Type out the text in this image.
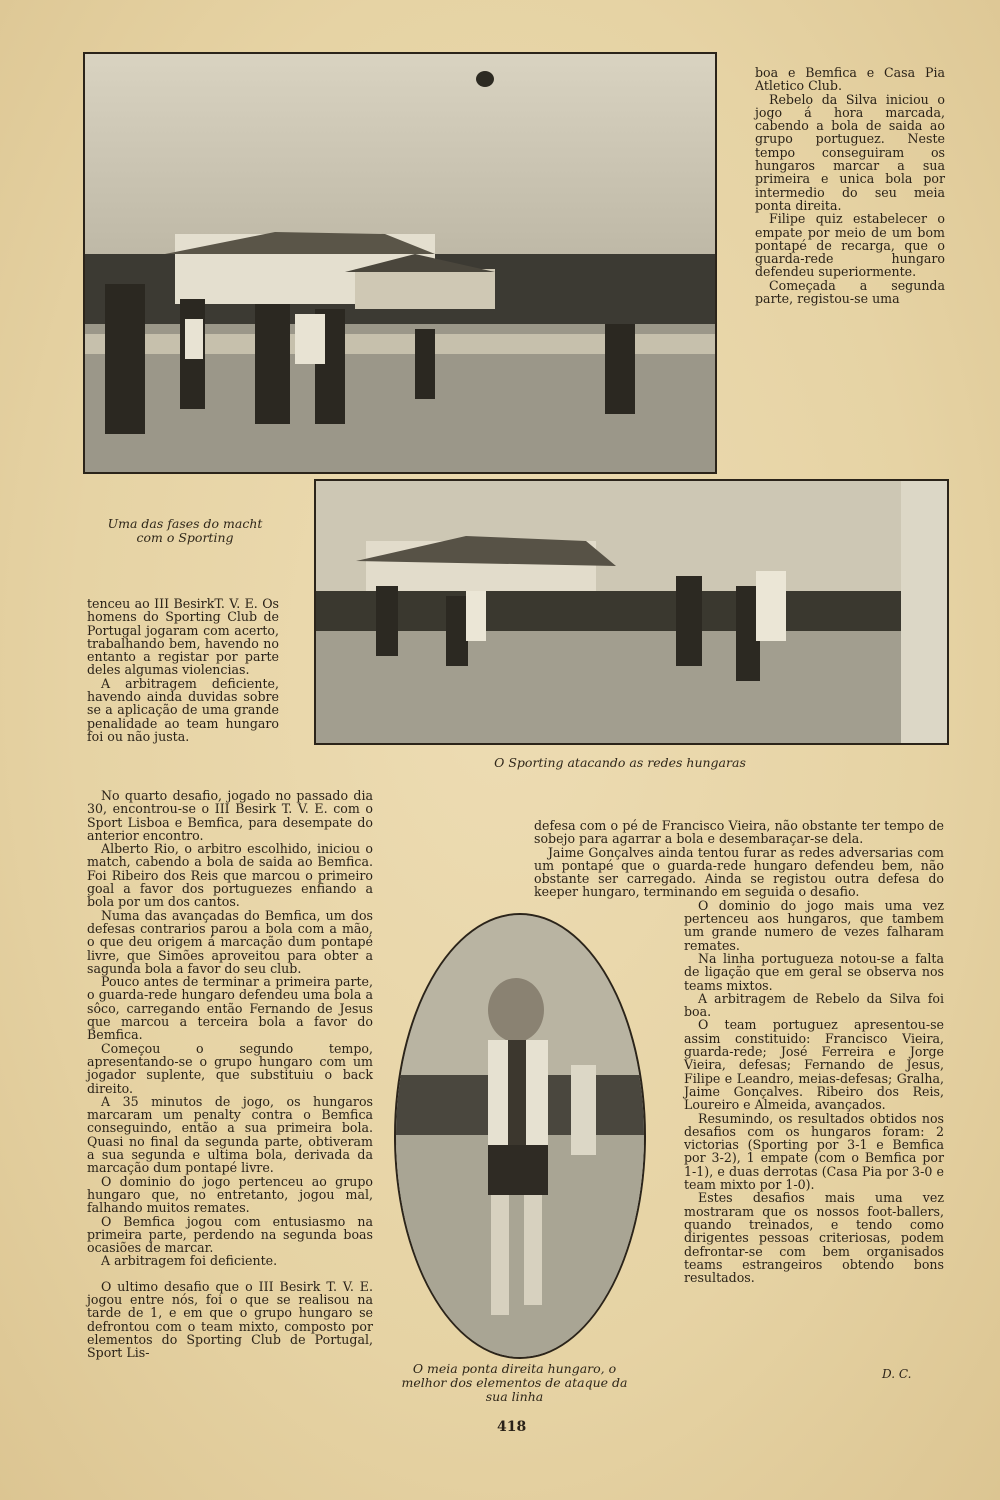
boa e Bemfica e Casa Pia Atletico Club.

Rebelo da Silva iniciou o jogo á hora marcada, cabendo a bola de saida ao grupo portuguez. Neste tempo conseguiram os hungaros marcar a sua primeira e unica bola por intermedio do seu meia ponta direita.

Filipe quiz estabelecer o empate por meio de um bom pontapé de recarga, que o guarda-rede hungaro defendeu superiormente.

Começada a segunda parte, registou-se uma

Uma das fases do macht com o Sporting

tenceu ao III BesirkT. V. E. Os homens do Sporting Club de Portugal jogaram com acerto, trabalhando bem, havendo no entanto a registar por parte deles algumas violencias.

A arbitragem deficiente, havendo ainda duvidas sobre se a aplicação de uma grande penalidade ao team hungaro foi ou não justa.

O Sporting atacando as redes hungaras

No quarto desafio, jogado no passado dia 30, encontrou-se o III Besirk T. V. E. com o Sport Lisboa e Bemfica, para desempate do anterior encontro.

Alberto Rio, o arbitro escolhido, iniciou o match, cabendo a bola de saida ao Bemfica. Foi Ribeiro dos Reis que marcou o primeiro goal a favor dos portuguezes enfiando a bola por um dos cantos.

Numa das avançadas do Bemfica, um dos defesas contrarios parou a bola com a mão, o que deu origem á marcação dum pontapé livre, que Simões aproveitou para obter a sagunda bola a favor do seu club.

Pouco antes de terminar a primeira parte, o guarda-rede hungaro defendeu uma bola a sôco, carregando então Fernando de Jesus que marcou a terceira bola a favor do Bemfica.

Começou o segundo tempo, apresentando-se o grupo hungaro com um jogador suplente, que substituiu o back direito.

A 35 minutos de jogo, os hungaros marcaram um penalty contra o Bemfica conseguindo, então a sua primeira bola. Quasi no final da segunda parte, obtiveram a sua segunda e ultima bola, derivada da marcação dum pontapé livre.

O dominio do jogo pertenceu ao grupo hungaro que, no entretanto, jogou mal, falhando muitos remates.

O Bemfica jogou com entusiasmo na primeira parte, perdendo na segunda boas ocasiões de marcar.

A arbitragem foi deficiente.

O ultimo desafio que o III Besirk T. V. E. jogou entre nós, foi o que se realisou na tarde de 1, e em que o grupo hungaro se defrontou com o team mixto, composto por elementos do Sporting Club de Portugal, Sport Lis-

defesa com o pé de Francisco Vieira, não obstante ter tempo de sobejo para agarrar a bola e desembaraçar-se dela.

Jaime Gonçalves ainda tentou furar as redes adversarias com um pontapé que o guarda-rede hungaro defendeu bem, não obstante ser carregado. Ainda se registou outra defesa do keeper hungaro, terminando em seguida o desafio.

O dominio do jogo mais uma vez pertenceu aos hungaros, que tambem um grande numero de vezes falharam remates.

Na linha portugueza notou-se a falta de ligação que em geral se observa nos teams mixtos.

A arbitragem de Rebelo da Silva foi boa.

O team portuguez apresentou-se assim constituido: Francisco Vieira, guarda-rede; José Ferreira e Jorge Vieira, defesas; Fernando de Jesus, Filipe e Leandro, meias-defesas; Gralha, Jaime Gonçalves. Ribeiro dos Reis, Loureiro e Almeida, avançados.

Resumindo, os resultados obtidos nos desafios com os hungaros foram: 2 victorias (Sporting por 3-1 e Bemfica por 3-2), 1 empate (com o Bemfica por 1-1), e duas derrotas (Casa Pia por 3-0 e team mixto por 1-0).

Estes desafios mais uma vez mostraram que os nossos foot-ballers, quando treinados, e tendo como dirigentes pessoas criteriosas, podem defrontar-se com bem organisados teams estrangeiros obtendo bons resultados.

O meia ponta direita hungaro, o melhor dos elementos de ataque da sua linha
D. C.
418
